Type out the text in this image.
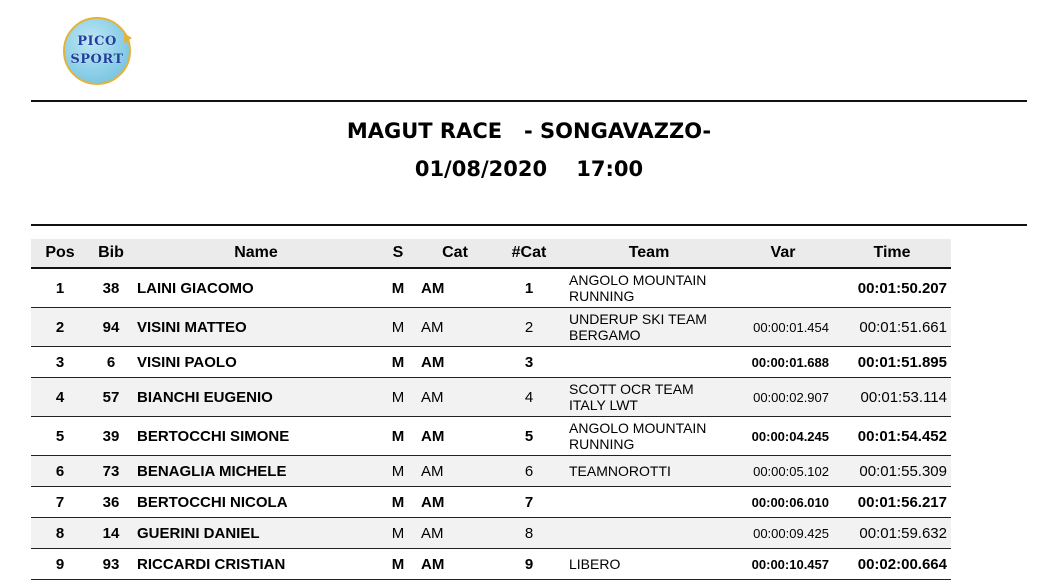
PICO
SPORT
MAGUT RACE   - SONGAVAZZO-
01/08/2020    17:00
Pos	Bib	Name	S	Cat	#Cat	Team	Var	Time
1	38	LAINI GIACOMO	M	AM	1	ANGOLO MOUNTAIN RUNNING		00:01:50.207
2	94	VISINI MATTEO	M	AM	2	UNDERUP SKI TEAM BERGAMO	00:00:01.454	00:01:51.661
3	6	VISINI PAOLO	M	AM	3		00:00:01.688	00:01:51.895
4	57	BIANCHI EUGENIO	M	AM	4	SCOTT OCR TEAM ITALY LWT	00:00:02.907	00:01:53.114
5	39	BERTOCCHI SIMONE	M	AM	5	ANGOLO MOUNTAIN RUNNING	00:00:04.245	00:01:54.452
6	73	BENAGLIA MICHELE	M	AM	6	TEAMNOROTTI	00:00:05.102	00:01:55.309
7	36	BERTOCCHI NICOLA	M	AM	7		00:00:06.010	00:01:56.217
8	14	GUERINI DANIEL	M	AM	8		00:00:09.425	00:01:59.632
9	93	RICCARDI CRISTIAN	M	AM	9	LIBERO	00:00:10.457	00:02:00.664
